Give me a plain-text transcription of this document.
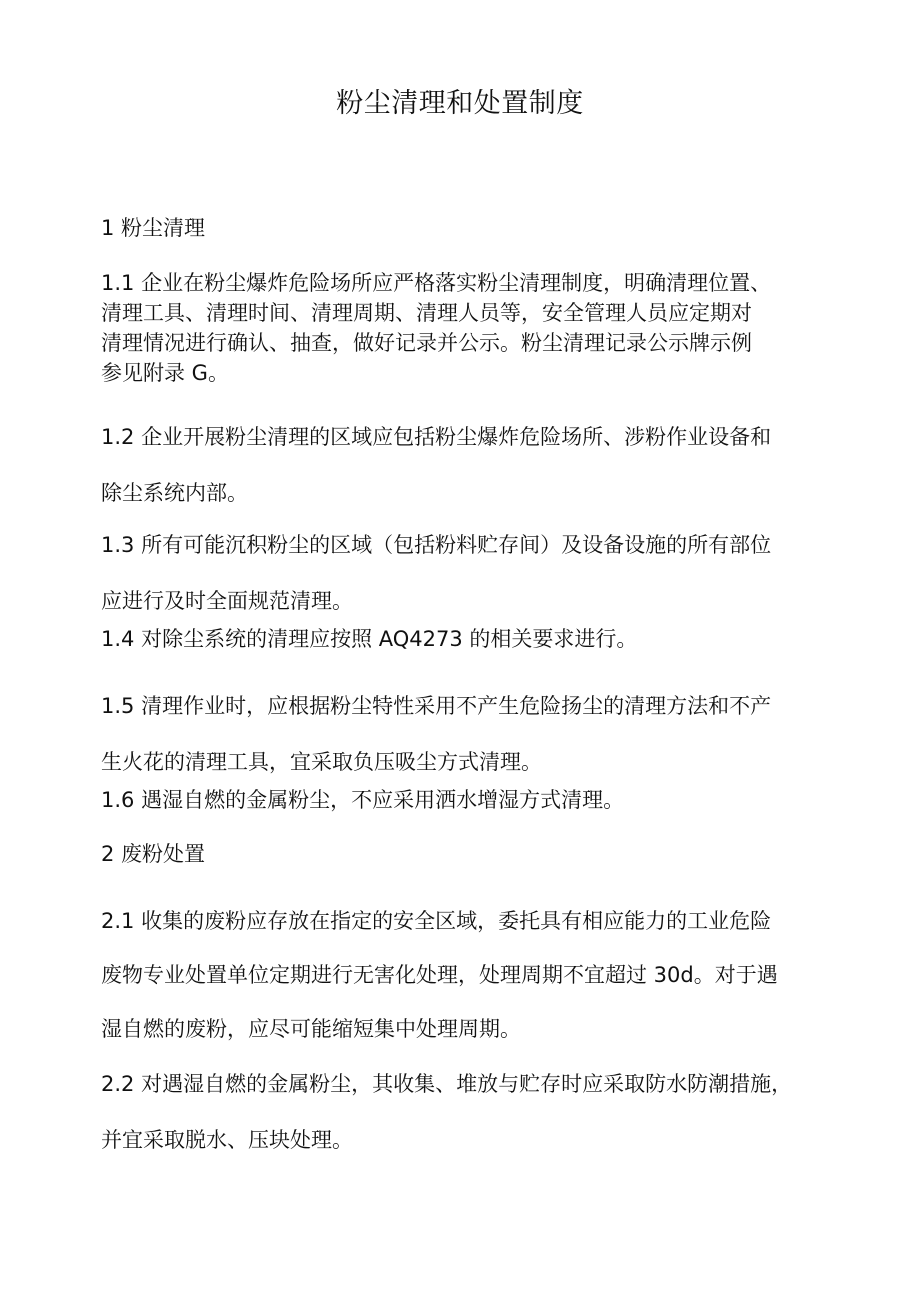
粉尘清理和处置制度
1 粉尘清理
1.1 企业在粉尘爆炸危险场所应严格落实粉尘清理制度，明确清理位置、
清理工具、清理时间、清理周期、清理人员等，安全管理人员应定期对
清理情况进行确认、抽查，做好记录并公示。粉尘清理记录公示牌示例
参见附录 G。
1.2 企业开展粉尘清理的区域应包括粉尘爆炸危险场所、涉粉作业设备和
除尘系统内部。
1.3 所有可能沉积粉尘的区域（包括粉料贮存间）及设备设施的所有部位
应进行及时全面规范清理。
1.4 对除尘系统的清理应按照 AQ4273 的相关要求进行。
1.5 清理作业时，应根据粉尘特性采用不产生危险扬尘的清理方法和不产
生火花的清理工具，宜采取负压吸尘方式清理。
1.6 遇湿自燃的金属粉尘，不应采用洒水增湿方式清理。
2 废粉处置
2.1 收集的废粉应存放在指定的安全区域，委托具有相应能力的工业危险
废物专业处置单位定期进行无害化处理，处理周期不宜超过 30d。对于遇
湿自燃的废粉，应尽可能缩短集中处理周期。
2.2 对遇湿自燃的金属粉尘，其收集、堆放与贮存时应采取防水防潮措施，
并宜采取脱水、压块处理。
